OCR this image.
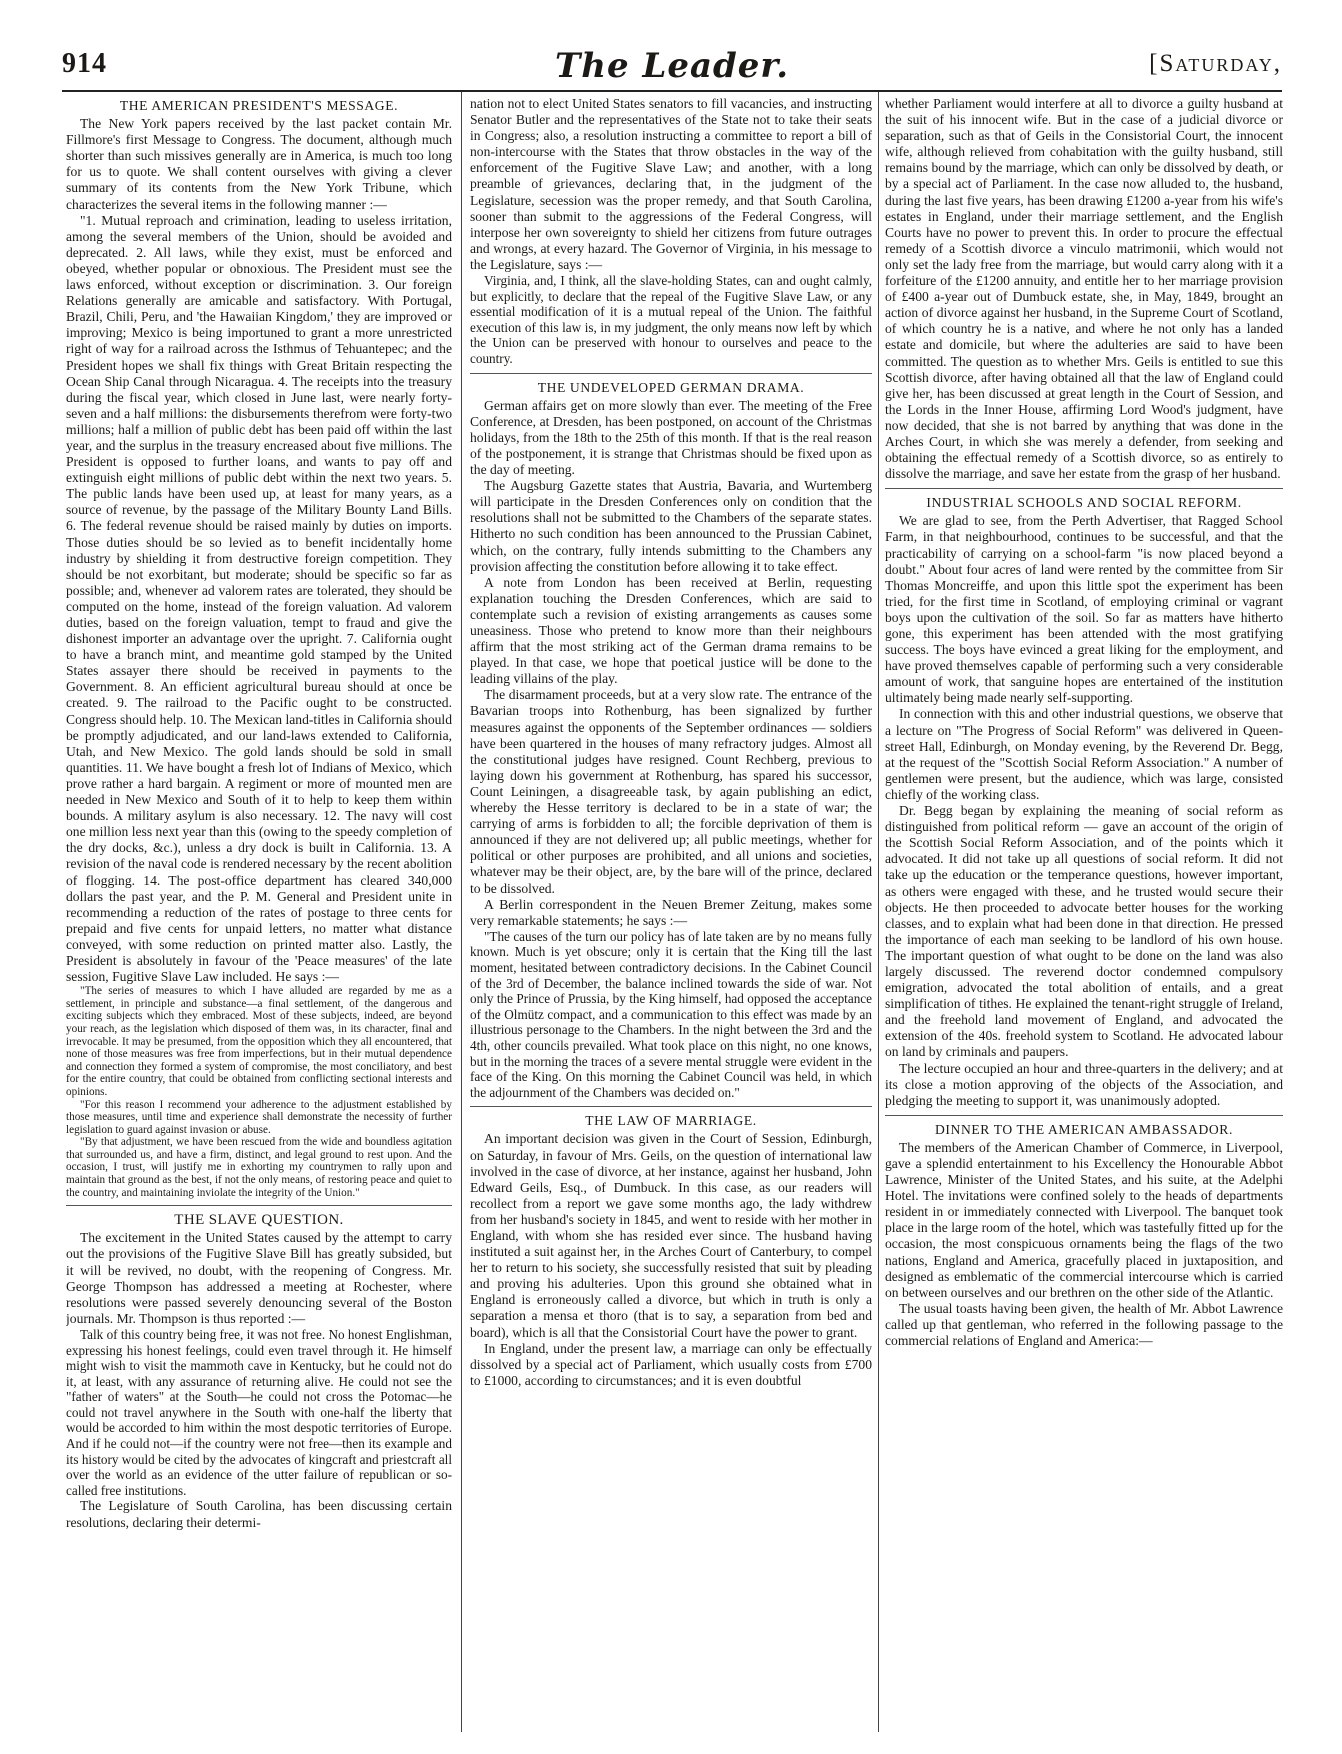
914	The Leader.	[Saturday,
THE AMERICAN PRESIDENT'S MESSAGE.

The New York papers received by the last packet contain Mr. Fillmore's first Message to Congress. The document, although much shorter than such missives generally are in America, is much too long for us to quote. We shall content ourselves with giving a clever summary of its contents from the New York Tribune, which characterizes the several items in the following manner :—

"1. Mutual reproach and crimination, leading to useless irritation, among the several members of the Union, should be avoided and deprecated. 2. All laws, while they exist, must be enforced and obeyed, whether popular or obnoxious. The President must see the laws enforced, without exception or discrimination. 3. Our foreign Relations generally are amicable and satisfactory. With Portugal, Brazil, Chili, Peru, and 'the Hawaiian Kingdom,' they are improved or improving; Mexico is being importuned to grant a more unrestricted right of way for a railroad across the Isthmus of Tehuantepec; and the President hopes we shall fix things with Great Britain respecting the Ocean Ship Canal through Nicaragua. 4. The receipts into the treasury during the fiscal year, which closed in June last, were nearly forty-seven and a half millions: the disbursements therefrom were forty-two millions; half a million of public debt has been paid off within the last year, and the surplus in the treasury encreased about five millions. The President is opposed to further loans, and wants to pay off and extinguish eight millions of public debt within the next two years. 5. The public lands have been used up, at least for many years, as a source of revenue, by the passage of the Military Bounty Land Bills. 6. The federal revenue should be raised mainly by duties on imports. Those duties should be so levied as to benefit incidentally home industry by shielding it from destructive foreign competition. They should be not exorbitant, but moderate; should be specific so far as possible; and, whenever ad valorem rates are tolerated, they should be computed on the home, instead of the foreign valuation. Ad valorem duties, based on the foreign valuation, tempt to fraud and give the dishonest importer an advantage over the upright. 7. California ought to have a branch mint, and meantime gold stamped by the United States assayer there should be received in payments to the Government. 8. An efficient agricultural bureau should at once be created. 9. The railroad to the Pacific ought to be constructed. Congress should help. 10. The Mexican land-titles in California should be promptly adjudicated, and our land-laws extended to California, Utah, and New Mexico. The gold lands should be sold in small quantities. 11. We have bought a fresh lot of Indians of Mexico, which prove rather a hard bargain. A regiment or more of mounted men are needed in New Mexico and South of it to help to keep them within bounds. A military asylum is also necessary. 12. The navy will cost one million less next year than this (owing to the speedy completion of the dry docks, &c.), unless a dry dock is built in California. 13. A revision of the naval code is rendered necessary by the recent abolition of flogging. 14. The post-office department has cleared 340,000 dollars the past year, and the P. M. General and President unite in recommending a reduction of the rates of postage to three cents for prepaid and five cents for unpaid letters, no matter what distance conveyed, with some reduction on printed matter also. Lastly, the President is absolutely in favour of the 'Peace measures' of the late session, Fugitive Slave Law included. He says :—

"The series of measures to which I have alluded are regarded by me as a settlement, in principle and substance—a final settlement, of the dangerous and exciting subjects which they embraced. Most of these subjects, indeed, are beyond your reach, as the legislation which disposed of them was, in its character, final and irrevocable. It may be presumed, from the opposition which they all encountered, that none of those measures was free from imperfections, but in their mutual dependence and connection they formed a system of compromise, the most conciliatory, and best for the entire country, that could be obtained from conflicting sectional interests and opinions.

"For this reason I recommend your adherence to the adjustment established by those measures, until time and experience shall demonstrate the necessity of further legislation to guard against invasion or abuse.

"By that adjustment, we have been rescued from the wide and boundless agitation that surrounded us, and have a firm, distinct, and legal ground to rest upon. And the occasion, I trust, will justify me in exhorting my countrymen to rally upon and maintain that ground as the best, if not the only means, of restoring peace and quiet to the country, and maintaining inviolate the integrity of the Union."

THE SLAVE QUESTION.

The excitement in the United States caused by the attempt to carry out the provisions of the Fugitive Slave Bill has greatly subsided, but it will be revived, no doubt, with the reopening of Congress. Mr. George Thompson has addressed a meeting at Rochester, where resolutions were passed severely denouncing several of the Boston journals. Mr. Thompson is thus reported :—

Talk of this country being free, it was not free. No honest Englishman, expressing his honest feelings, could even travel through it. He himself might wish to visit the mammoth cave in Kentucky, but he could not do it, at least, with any assurance of returning alive. He could not see the "father of waters" at the South—he could not cross the Potomac—he could not travel anywhere in the South with one-half the liberty that would be accorded to him within the most despotic territories of Europe. And if he could not—if the country were not free—then its example and its history would be cited by the advocates of kingcraft and priestcraft all over the world as an evidence of the utter failure of republican or so-called free institutions.

The Legislature of South Carolina, has been discussing certain resolutions, declaring their determi-

nation not to elect United States senators to fill vacancies, and instructing Senator Butler and the representatives of the State not to take their seats in Congress; also, a resolution instructing a committee to report a bill of non-intercourse with the States that throw obstacles in the way of the enforcement of the Fugitive Slave Law; and another, with a long preamble of grievances, declaring that, in the judgment of the Legislature, secession was the proper remedy, and that South Carolina, sooner than submit to the aggressions of the Federal Congress, will interpose her own sovereignty to shield her citizens from future outrages and wrongs, at every hazard. The Governor of Virginia, in his message to the Legislature, says :—

Virginia, and, I think, all the slave-holding States, can and ought calmly, but explicitly, to declare that the repeal of the Fugitive Slave Law, or any essential modification of it is a mutual repeal of the Union. The faithful execution of this law is, in my judgment, the only means now left by which the Union can be preserved with honour to ourselves and peace to the country.

THE UNDEVELOPED GERMAN DRAMA.

German affairs get on more slowly than ever. The meeting of the Free Conference, at Dresden, has been postponed, on account of the Christmas holidays, from the 18th to the 25th of this month. If that is the real reason of the postponement, it is strange that Christmas should be fixed upon as the day of meeting.

The Augsburg Gazette states that Austria, Bavaria, and Wurtemberg will participate in the Dresden Conferences only on condition that the resolutions shall not be submitted to the Chambers of the separate states. Hitherto no such condition has been announced to the Prussian Cabinet, which, on the contrary, fully intends submitting to the Chambers any provision affecting the constitution before allowing it to take effect.

A note from London has been received at Berlin, requesting explanation touching the Dresden Conferences, which are said to contemplate such a revision of existing arrangements as causes some uneasiness. Those who pretend to know more than their neighbours affirm that the most striking act of the German drama remains to be played. In that case, we hope that poetical justice will be done to the leading villains of the play.

The disarmament proceeds, but at a very slow rate. The entrance of the Bavarian troops into Rothenburg, has been signalized by further measures against the opponents of the September ordinances — soldiers have been quartered in the houses of many refractory judges. Almost all the constitutional judges have resigned. Count Rechberg, previous to laying down his government at Rothenburg, has spared his successor, Count Leiningen, a disagreeable task, by again publishing an edict, whereby the Hesse territory is declared to be in a state of war; the carrying of arms is forbidden to all; the forcible deprivation of them is announced if they are not delivered up; all public meetings, whether for political or other purposes are prohibited, and all unions and societies, whatever may be their object, are, by the bare will of the prince, declared to be dissolved.

A Berlin correspondent in the Neuen Bremer Zeitung, makes some very remarkable statements; he says :—

"The causes of the turn our policy has of late taken are by no means fully known. Much is yet obscure; only it is certain that the King till the last moment, hesitated between contradictory decisions. In the Cabinet Council of the 3rd of December, the balance inclined towards the side of war. Not only the Prince of Prussia, by the King himself, had opposed the acceptance of the Olmütz compact, and a communication to this effect was made by an illustrious personage to the Chambers. In the night between the 3rd and the 4th, other councils prevailed. What took place on this night, no one knows, but in the morning the traces of a severe mental struggle were evident in the face of the King. On this morning the Cabinet Council was held, in which the adjournment of the Chambers was decided on."

THE LAW OF MARRIAGE.

An important decision was given in the Court of Session, Edinburgh, on Saturday, in favour of Mrs. Geils, on the question of international law involved in the case of divorce, at her instance, against her husband, John Edward Geils, Esq., of Dumbuck. In this case, as our readers will recollect from a report we gave some months ago, the lady withdrew from her husband's society in 1845, and went to reside with her mother in England, with whom she has resided ever since. The husband having instituted a suit against her, in the Arches Court of Canterbury, to compel her to return to his society, she successfully resisted that suit by pleading and proving his adulteries. Upon this ground she obtained what in England is erroneously called a divorce, but which in truth is only a separation a mensa et thoro (that is to say, a separation from bed and board), which is all that the Consistorial Court have the power to grant.

In England, under the present law, a marriage can only be effectually dissolved by a special act of Parliament, which usually costs from £700 to £1000, according to circumstances; and it is even doubtful

whether Parliament would interfere at all to divorce a guilty husband at the suit of his innocent wife. But in the case of a judicial divorce or separation, such as that of Geils in the Consistorial Court, the innocent wife, although relieved from cohabitation with the guilty husband, still remains bound by the marriage, which can only be dissolved by death, or by a special act of Parliament. In the case now alluded to, the husband, during the last five years, has been drawing £1200 a-year from his wife's estates in England, under their marriage settlement, and the English Courts have no power to prevent this. In order to procure the effectual remedy of a Scottish divorce a vinculo matrimonii, which would not only set the lady free from the marriage, but would carry along with it a forfeiture of the £1200 annuity, and entitle her to her marriage provision of £400 a-year out of Dumbuck estate, she, in May, 1849, brought an action of divorce against her husband, in the Supreme Court of Scotland, of which country he is a native, and where he not only has a landed estate and domicile, but where the adulteries are said to have been committed. The question as to whether Mrs. Geils is entitled to sue this Scottish divorce, after having obtained all that the law of England could give her, has been discussed at great length in the Court of Session, and the Lords in the Inner House, affirming Lord Wood's judgment, have now decided, that she is not barred by anything that was done in the Arches Court, in which she was merely a defender, from seeking and obtaining the effectual remedy of a Scottish divorce, so as entirely to dissolve the marriage, and save her estate from the grasp of her husband.

INDUSTRIAL SCHOOLS AND SOCIAL REFORM.

We are glad to see, from the Perth Advertiser, that Ragged School Farm, in that neighbourhood, continues to be successful, and that the practicability of carrying on a school-farm "is now placed beyond a doubt." About four acres of land were rented by the committee from Sir Thomas Moncreiffe, and upon this little spot the experiment has been tried, for the first time in Scotland, of employing criminal or vagrant boys upon the cultivation of the soil. So far as matters have hitherto gone, this experiment has been attended with the most gratifying success. The boys have evinced a great liking for the employment, and have proved themselves capable of performing such a very considerable amount of work, that sanguine hopes are entertained of the institution ultimately being made nearly self-supporting.

In connection with this and other industrial questions, we observe that a lecture on "The Progress of Social Reform" was delivered in Queen-street Hall, Edinburgh, on Monday evening, by the Reverend Dr. Begg, at the request of the "Scottish Social Reform Association." A number of gentlemen were present, but the audience, which was large, consisted chiefly of the working class.

Dr. Begg began by explaining the meaning of social reform as distinguished from political reform — gave an account of the origin of the Scottish Social Reform Association, and of the points which it advocated. It did not take up all questions of social reform. It did not take up the education or the temperance questions, however important, as others were engaged with these, and he trusted would secure their objects. He then proceeded to advocate better houses for the working classes, and to explain what had been done in that direction. He pressed the importance of each man seeking to be landlord of his own house. The important question of what ought to be done on the land was also largely discussed. The reverend doctor condemned compulsory emigration, advocated the total abolition of entails, and a great simplification of tithes. He explained the tenant-right struggle of Ireland, and the freehold land movement of England, and advocated the extension of the 40s. freehold system to Scotland. He advocated labour on land by criminals and paupers.

The lecture occupied an hour and three-quarters in the delivery; and at its close a motion approving of the objects of the Association, and pledging the meeting to support it, was unanimously adopted.

DINNER TO THE AMERICAN AMBASSADOR.

The members of the American Chamber of Commerce, in Liverpool, gave a splendid entertainment to his Excellency the Honourable Abbot Lawrence, Minister of the United States, and his suite, at the Adelphi Hotel. The invitations were confined solely to the heads of departments resident in or immediately connected with Liverpool. The banquet took place in the large room of the hotel, which was tastefully fitted up for the occasion, the most conspicuous ornaments being the flags of the two nations, England and America, gracefully placed in juxtaposition, and designed as emblematic of the commercial intercourse which is carried on between ourselves and our brethren on the other side of the Atlantic.

The usual toasts having been given, the health of Mr. Abbot Lawrence called up that gentleman, who referred in the following passage to the commercial relations of England and America:—
